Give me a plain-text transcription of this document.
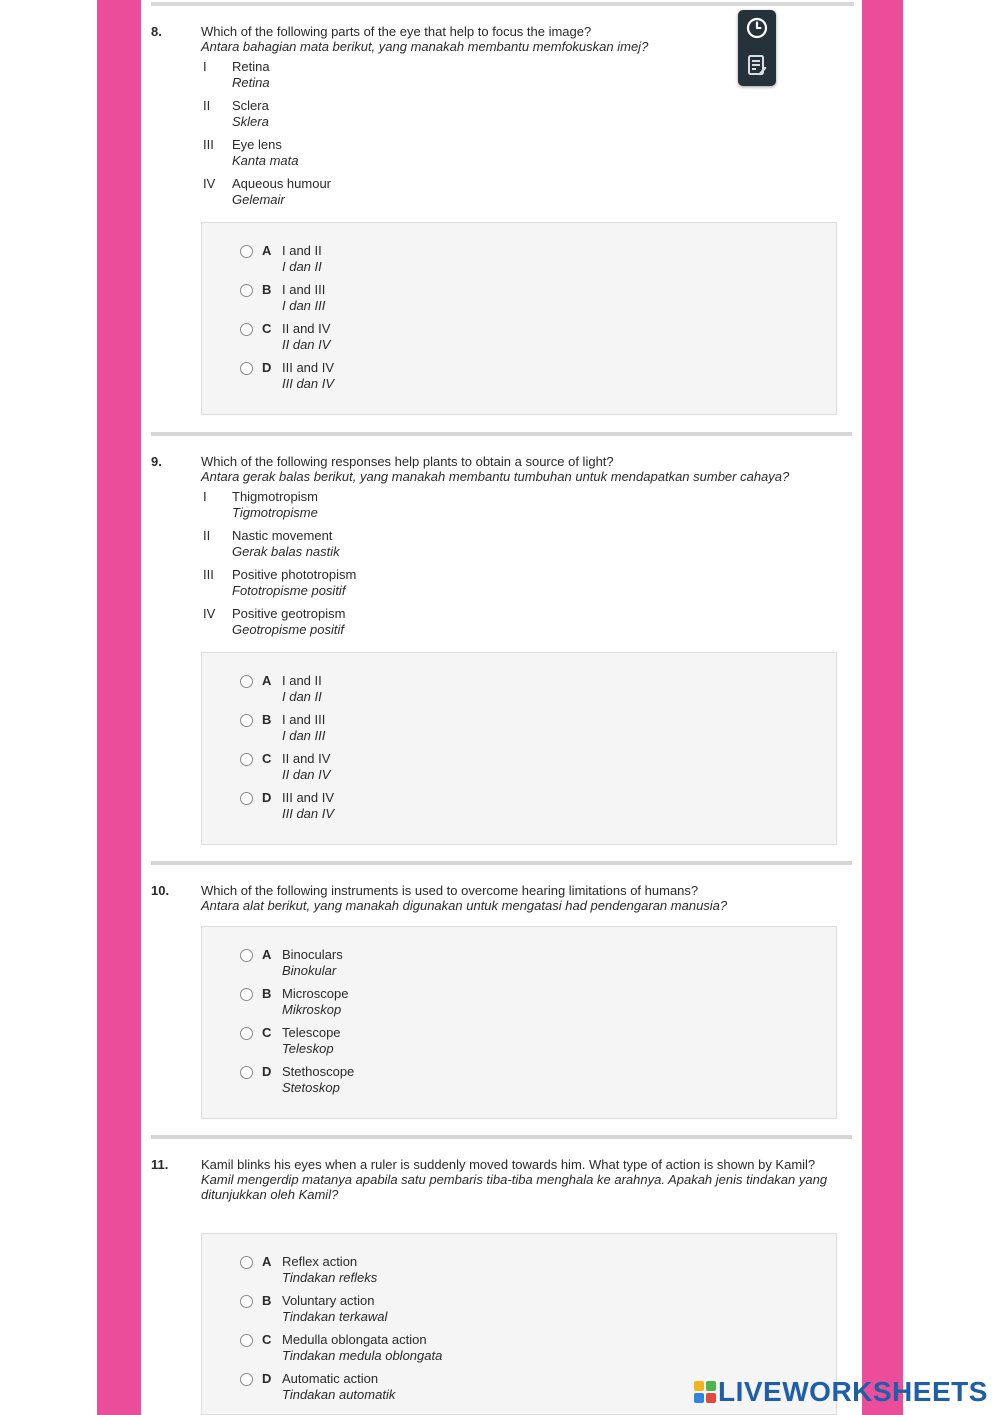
8.	Which of the following parts of the eye that help to focus the image?
Antara bahagian mata berikut, yang manakah membantu memfokuskan imej?
I	Retina
Retina
II	Sclera
Sklera
III	Eye lens
Kanta mata
IV	Aqueous humour
Gelemair
A I and II
I dan II
B I and III
I dan III
C II and IV
II dan IV
D III and IV
III dan IV
9.	Which of the following responses help plants to obtain a source of light?
Antara gerak balas berikut, yang manakah membantu tumbuhan untuk mendapatkan sumber cahaya?
I	Thigmotropism
Tigmotropisme
II	Nastic movement
Gerak balas nastik
III	Positive phototropism
Fototropisme positif
IV	Positive geotropism
Geotropisme positif
A I and II
I dan II
B I and III
I dan III
C II and IV
II dan IV
D III and IV
III dan IV
10. Which of the following instruments is used to overcome hearing limitations of humans?
Antara alat berikut, yang manakah digunakan untuk mengatasi had pendengaran manusia?
A Binoculars
Binokular
B Microscope
Mikroskop
C Telescope
Teleskop
D Stethoscope
Stetoskop
11.	Kamil blinks his eyes when a ruler is suddenly moved towards him. What type of action is shown by Kamil?
Kamil mengerdip matanya apabila satu pembaris tiba-tiba menghala ke arahnya. Apakah jenis tindakan yang ditunjukkan oleh Kamil?
A Reflex action
Tindakan refleks
B Voluntary action
Tindakan terkawal
C Medulla oblongata action
Tindakan medula oblongata
D Automatic action
Tindakan automatik	LIVEWORKSHEETS
